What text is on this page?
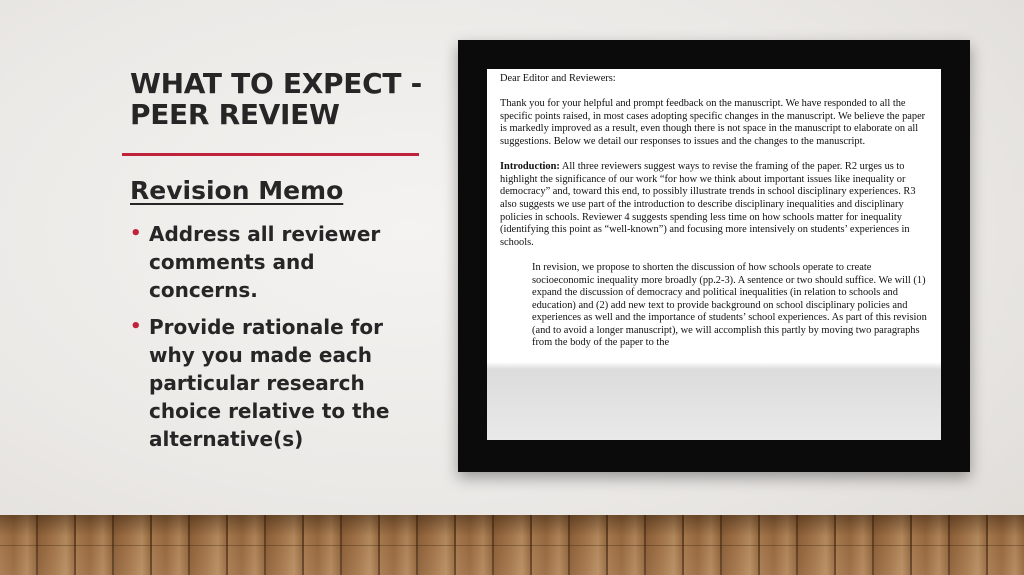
WHAT TO EXPECT -
PEER REVIEW
Revision Memo
• Address all reviewer comments and concerns.
• Provide rationale for why you made each particular research choice relative to the alternative(s)

Dear Editor and Reviewers:

Thank you for your helpful and prompt feedback on the manuscript. We have responded to all the specific points raised, in most cases adopting specific changes in the manuscript. We believe the paper is markedly improved as a result, even though there is not space in the manuscript to elaborate on all suggestions. Below we detail our responses to issues and the changes to the manuscript.

Introduction: All three reviewers suggest ways to revise the framing of the paper. R2 urges us to highlight the significance of our work “for how we think about important issues like inequality or democracy” and, toward this end, to possibly illustrate trends in school disciplinary experiences. R3 also suggests we use part of the introduction to describe disciplinary inequalities and disciplinary policies in schools. Reviewer 4 suggests spending less time on how schools matter for inequality (identifying this point as “well-known”) and focusing more intensively on students’ experiences in schools.

In revision, we propose to shorten the discussion of how schools operate to create socioeconomic inequality more broadly (pp.2-3). A sentence or two should suffice. We will (1) expand the discussion of democracy and political inequalities (in relation to schools and education) and (2) add new text to provide background on school disciplinary policies and experiences as well and the importance of students’ school experiences. As part of this revision (and to avoid a longer manuscript), we will accomplish this partly by moving two paragraphs from the body of the paper to the
